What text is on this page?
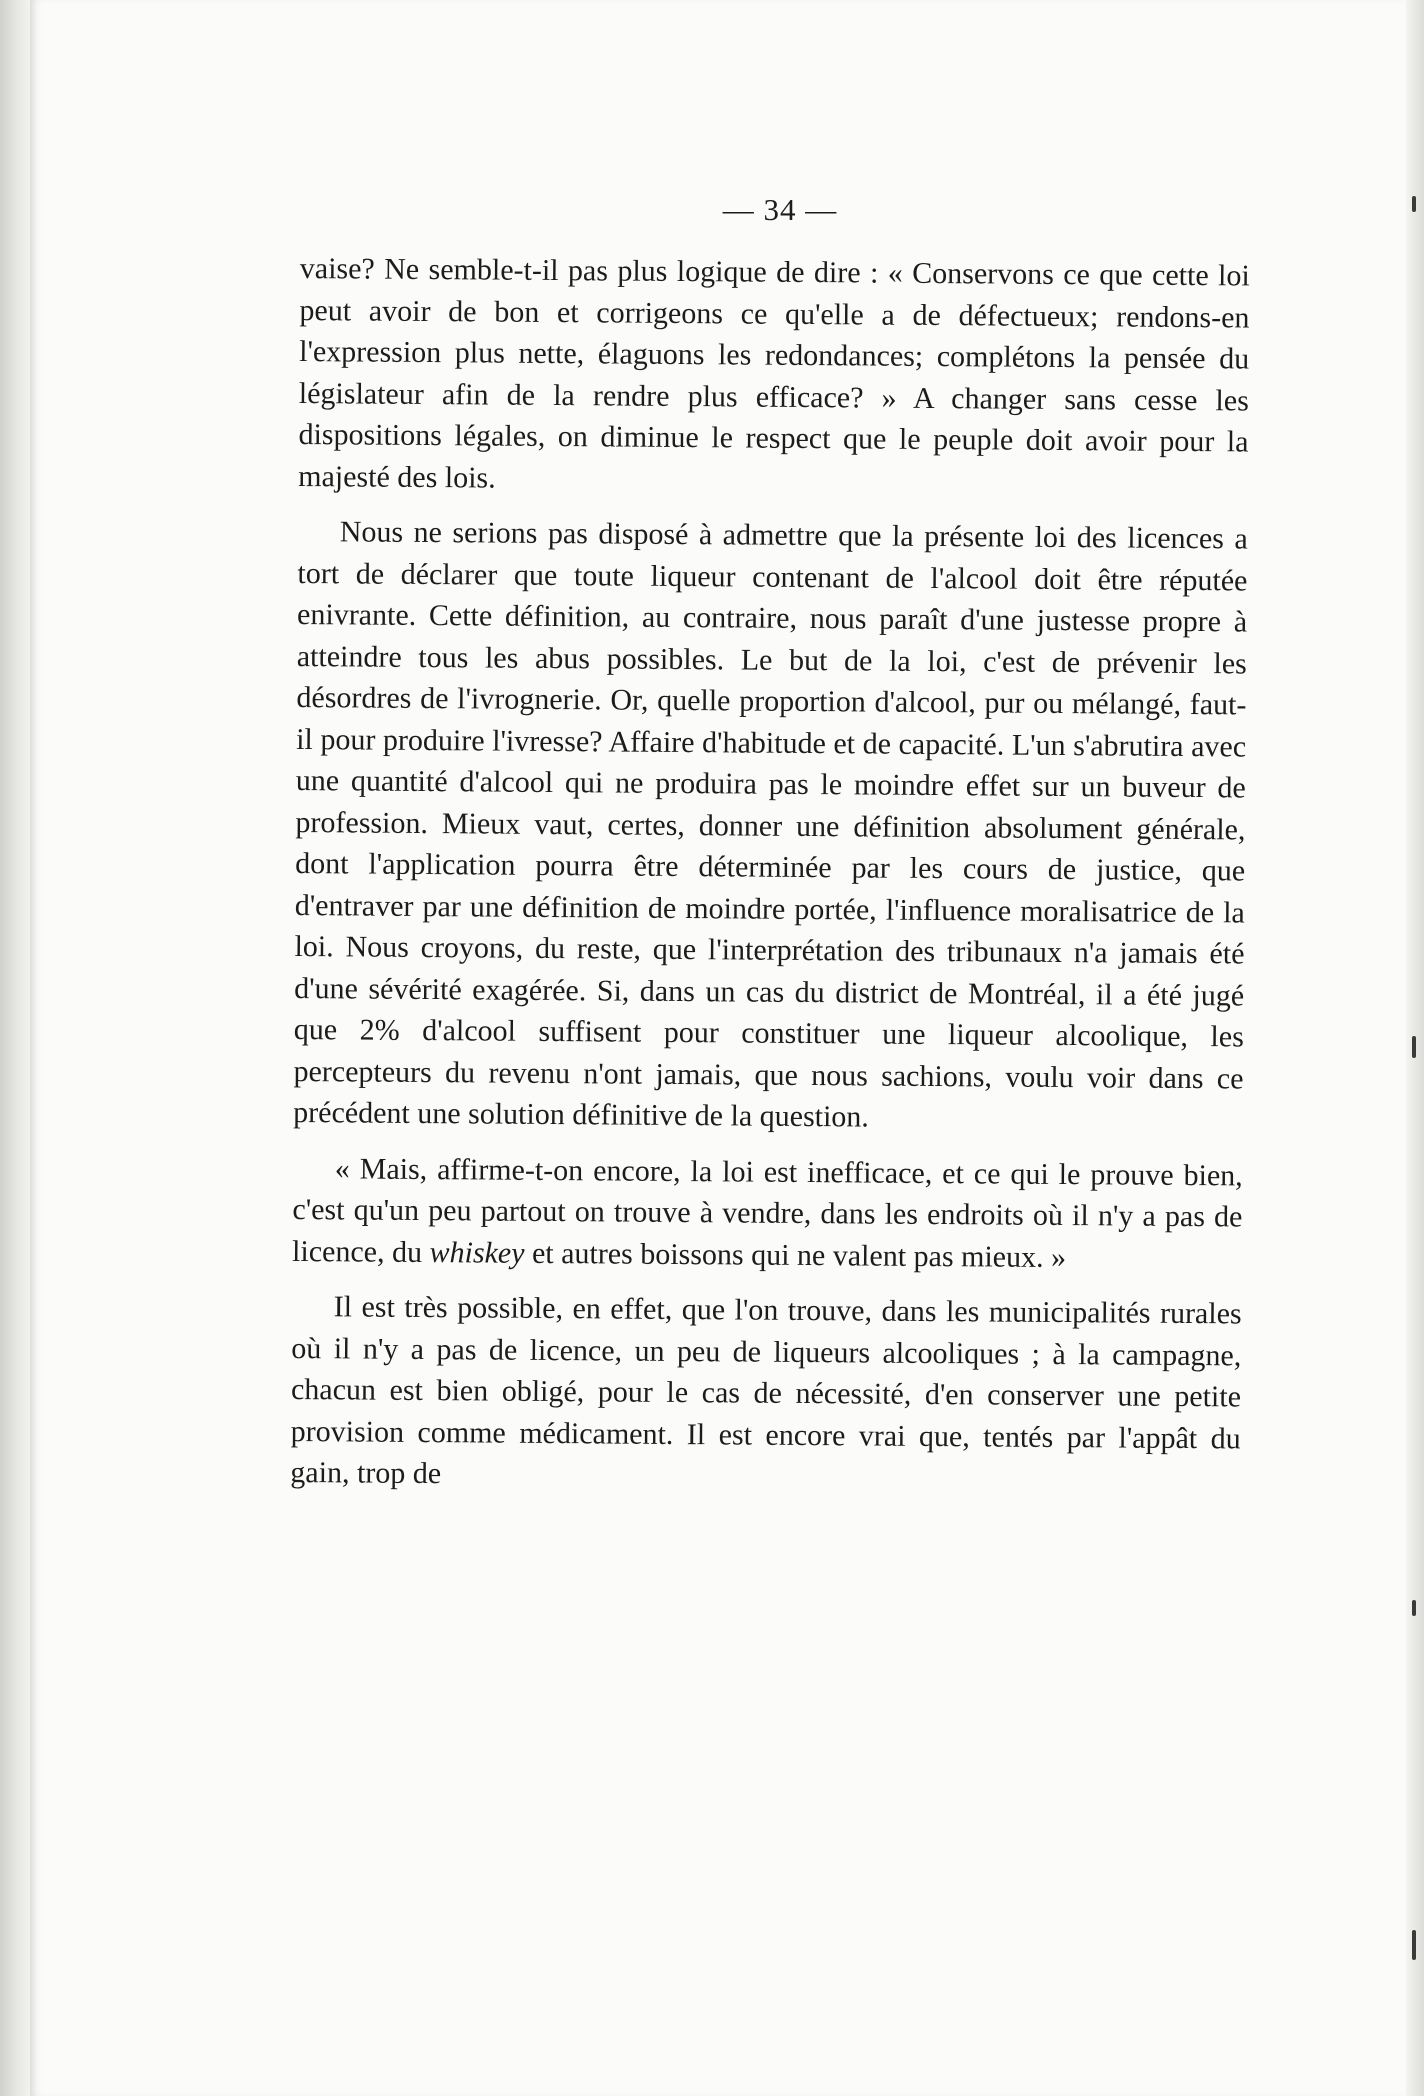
— 34 —

vaise? Ne semble-t-il pas plus logique de dire : « Conservons ce que cette loi peut avoir de bon et corrigeons ce qu'elle a de défectueux; rendons-en l'expression plus nette, élaguons les redondances; complétons la pensée du législateur afin de la rendre plus efficace? » A changer sans cesse les dispositions légales, on diminue le respect que le peuple doit avoir pour la majesté des lois.

Nous ne serions pas disposé à admettre que la présente loi des licences a tort de déclarer que toute liqueur contenant de l'alcool doit être réputée enivrante. Cette définition, au contraire, nous paraît d'une justesse propre à atteindre tous les abus possibles. Le but de la loi, c'est de prévenir les désordres de l'ivrognerie. Or, quelle proportion d'alcool, pur ou mélangé, faut-il pour produire l'ivresse? Affaire d'habitude et de capacité. L'un s'abrutira avec une quantité d'alcool qui ne produira pas le moindre effet sur un buveur de profession. Mieux vaut, certes, donner une définition absolument générale, dont l'application pourra être déterminée par les cours de justice, que d'entraver par une définition de moindre portée, l'influence moralisatrice de la loi. Nous croyons, du reste, que l'interprétation des tribunaux n'a jamais été d'une sévérité exagérée. Si, dans un cas du district de Montréal, il a été jugé que 2% d'alcool suffisent pour constituer une liqueur alcoolique, les percepteurs du revenu n'ont jamais, que nous sachions, voulu voir dans ce précédent une solution définitive de la question.

« Mais, affirme-t-on encore, la loi est inefficace, et ce qui le prouve bien, c'est qu'un peu partout on trouve à vendre, dans les endroits où il n'y a pas de licence, du whiskey et autres boissons qui ne valent pas mieux. »

Il est très possible, en effet, que l'on trouve, dans les municipalités rurales où il n'y a pas de licence, un peu de liqueurs alcooliques ; à la campagne, chacun est bien obligé, pour le cas de nécessité, d'en conserver une petite provision comme médicament. Il est encore vrai que, tentés par l'appât du gain, trop de
